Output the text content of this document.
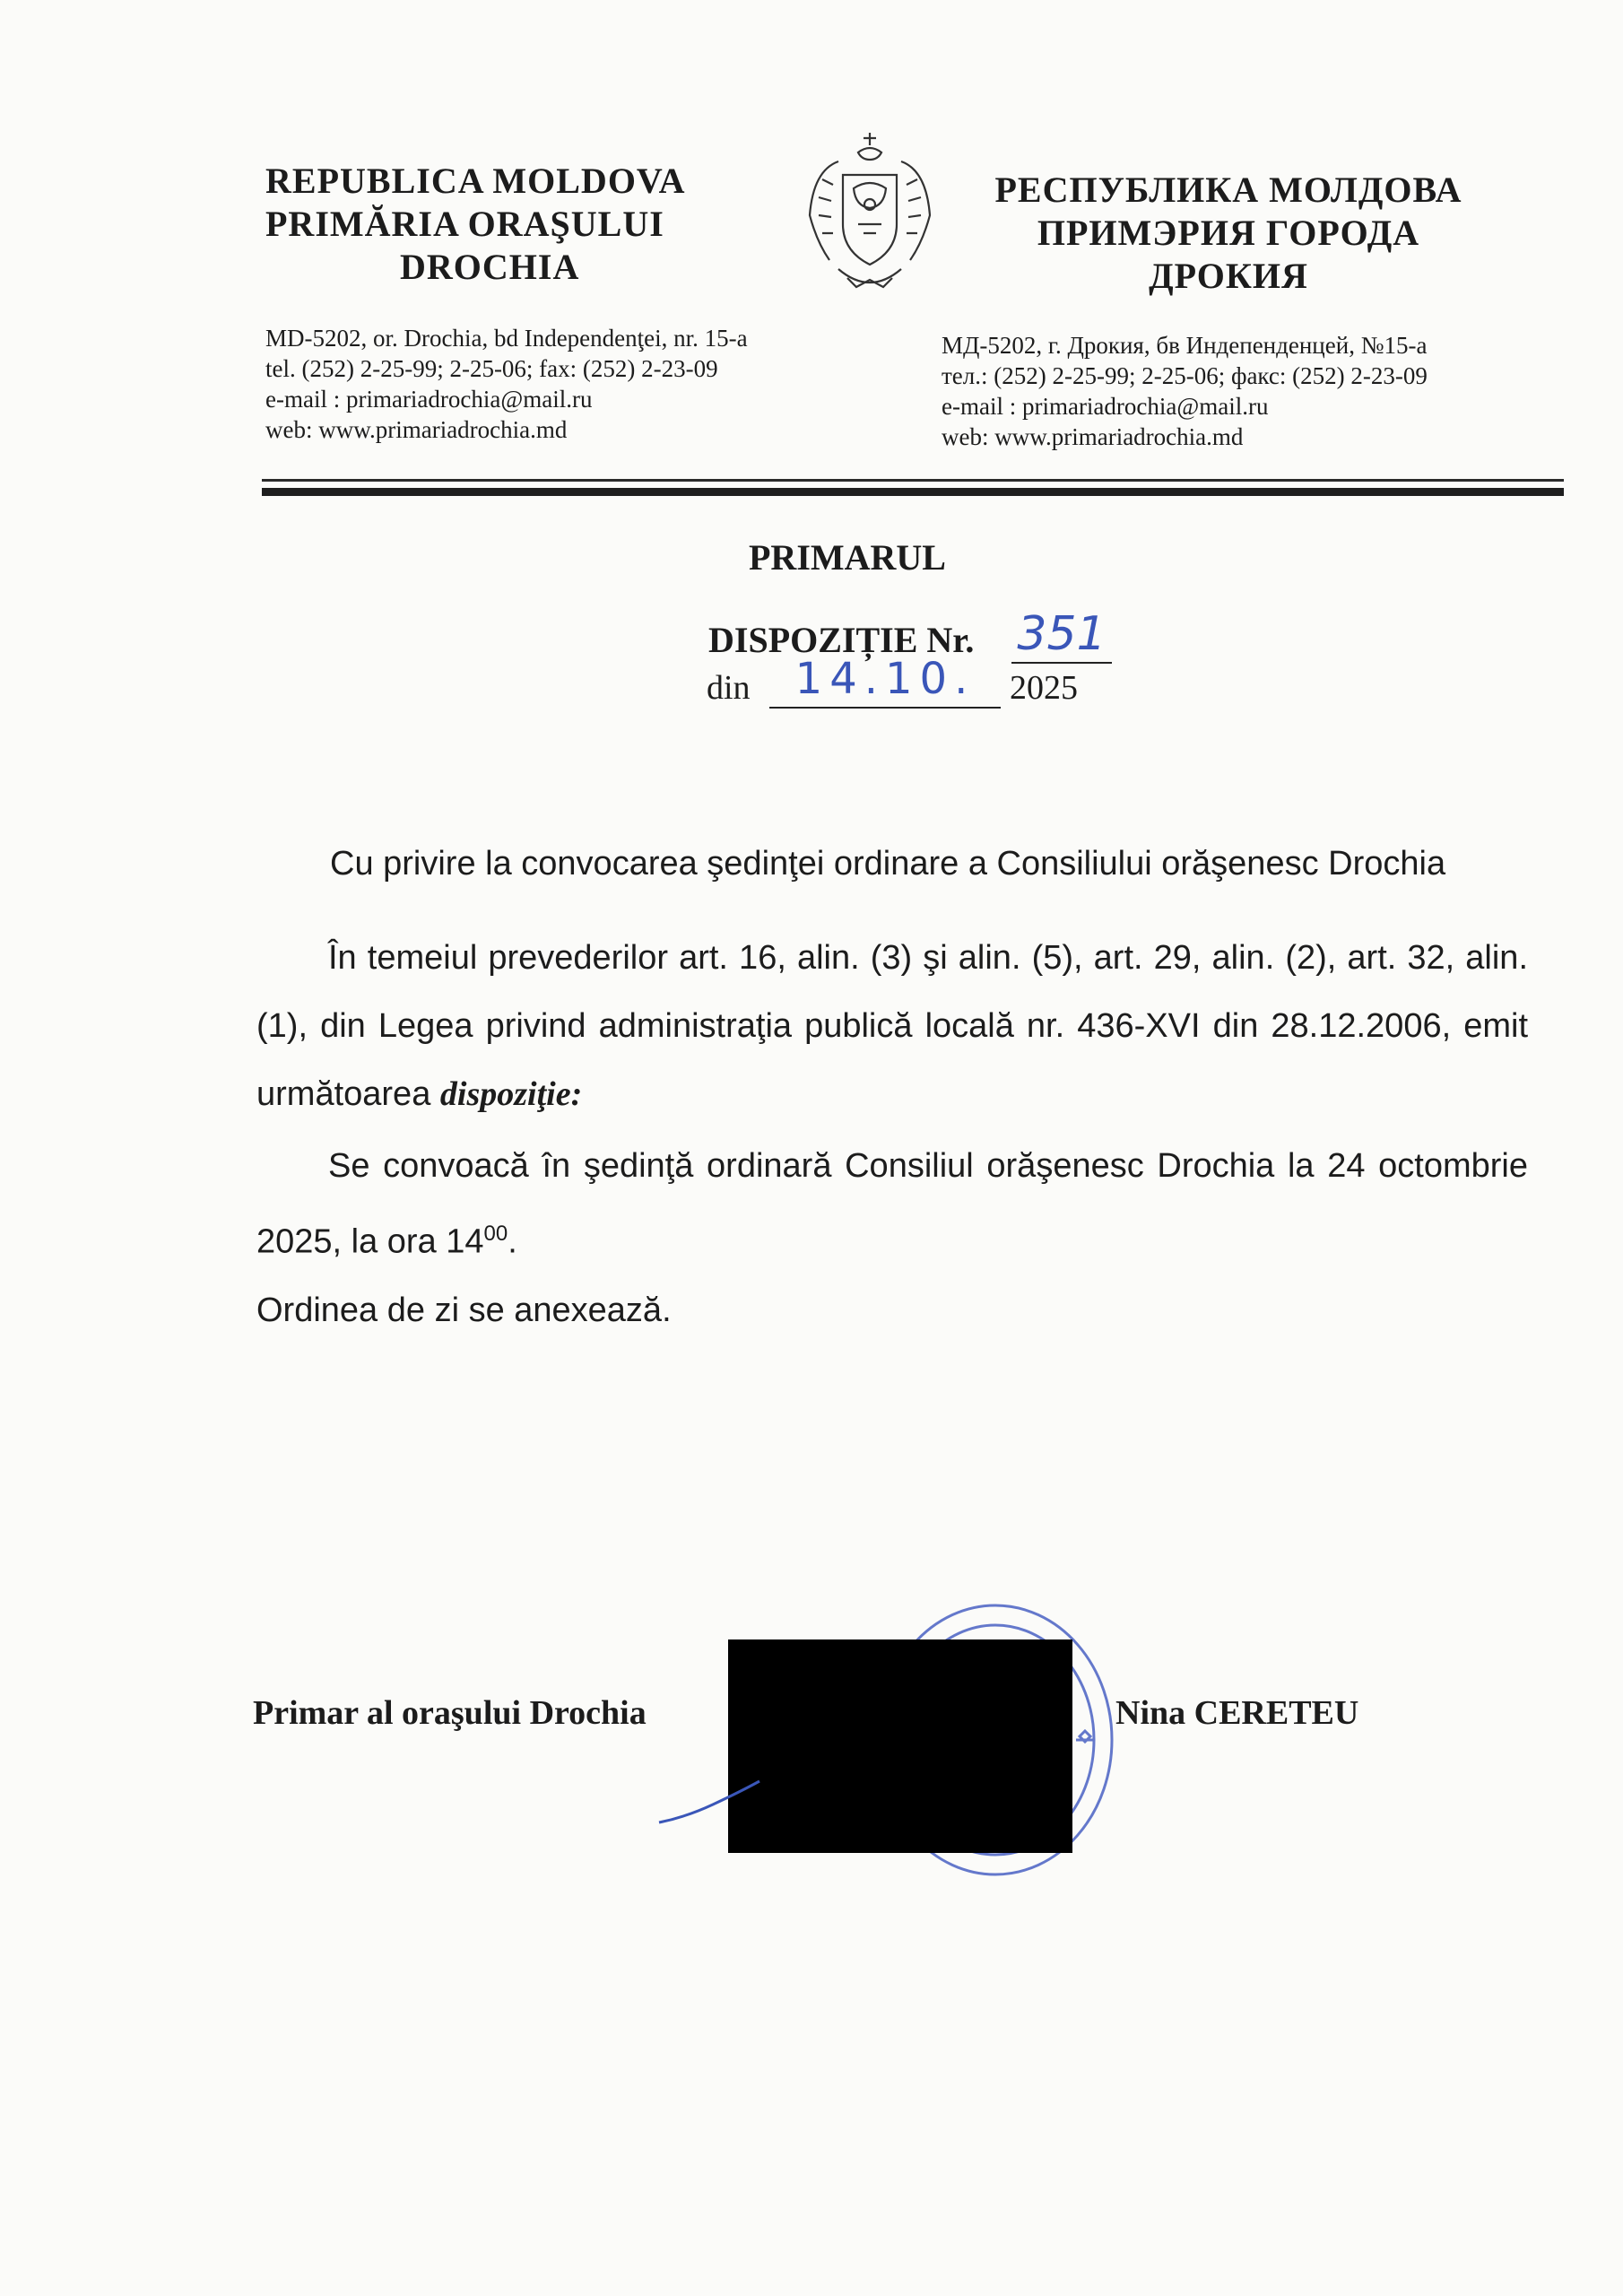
REPUBLICA MOLDOVA
PRIMĂRIA ORAŞULUI
DROCHIA
MD-5202, or. Drochia, bd Independenţei, nr. 15-a
tel. (252) 2-25-99; 2-25-06; fax: (252) 2-23-09
e-mail : primariadrochia@mail.ru
web: www.primariadrochia.md
РЕСПУБЛИКА МОЛДОВА
ПРИМЭРИЯ ГОРОДА
ДРОКИЯ
МД-5202, г. Дрокия, бв Индепенденцей, №15-а
тел.: (252) 2-25-99; 2-25-06; факс: (252) 2-23-09
e-mail : primariadrochia@mail.ru
web: www.primariadrochia.md
PRIMARUL
DISPOZIȚIE Nr. 351
din	14.10.	2025
Cu privire la convocarea şedinţei ordinare a Consiliului orăşenesc Drochia
În temeiul prevederilor art. 16, alin. (3) şi alin. (5), art. 29, alin. (2), art. 32, alin. (1), din Legea privind administraţia publică locală nr. 436-XVI din 28.12.2006, emit următoarea dispoziţie:
Se convoacă în şedinţă ordinară Consiliul orăşenesc Drochia la 24 octombrie 2025, la ora $14^{00}$.
Ordinea de zi se anexează.
Primar al oraşului Drochia	Nina CERETEU
